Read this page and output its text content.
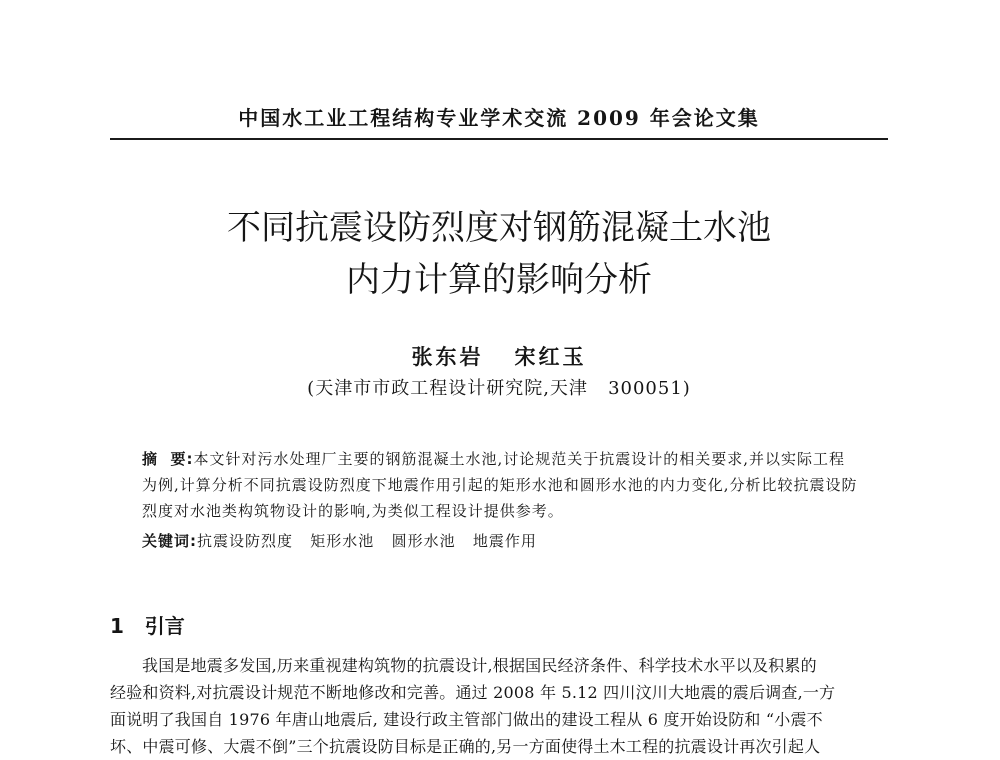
中国水工业工程结构专业学术交流 2009 年会论文集
不同抗震设防烈度对钢筋混凝土水池
内力计算的影响分析
张东岩   宋红玉
(天津市市政工程设计研究院,天津   300051)
摘  要:本文针对污水处理厂主要的钢筋混凝土水池,讨论规范关于抗震设计的相关要求,并以实际工程为例,计算分析不同抗震设防烈度下地震作用引起的矩形水池和圆形水池的内力变化,分析比较抗震设防烈度对水池类构筑物设计的影响,为类似工程设计提供参考。
关键词:抗震设防烈度   矩形水池   圆形水池   地震作用
1   引言
我国是地震多发国,历来重视建构筑物的抗震设计,根据国民经济条件、科学技术水平以及积累的
经验和资料,对抗震设计规范不断地修改和完善。通过 2008 年 5.12 四川汶川大地震的震后调查,一方
面说明了我国自 1976 年唐山地震后, 建设行政主管部门做出的建设工程从 6 度开始设防和 “小震不
坏、中震可修、大震不倒”三个抗震设防目标是正确的,另一方面使得土木工程的抗震设计再次引起人
